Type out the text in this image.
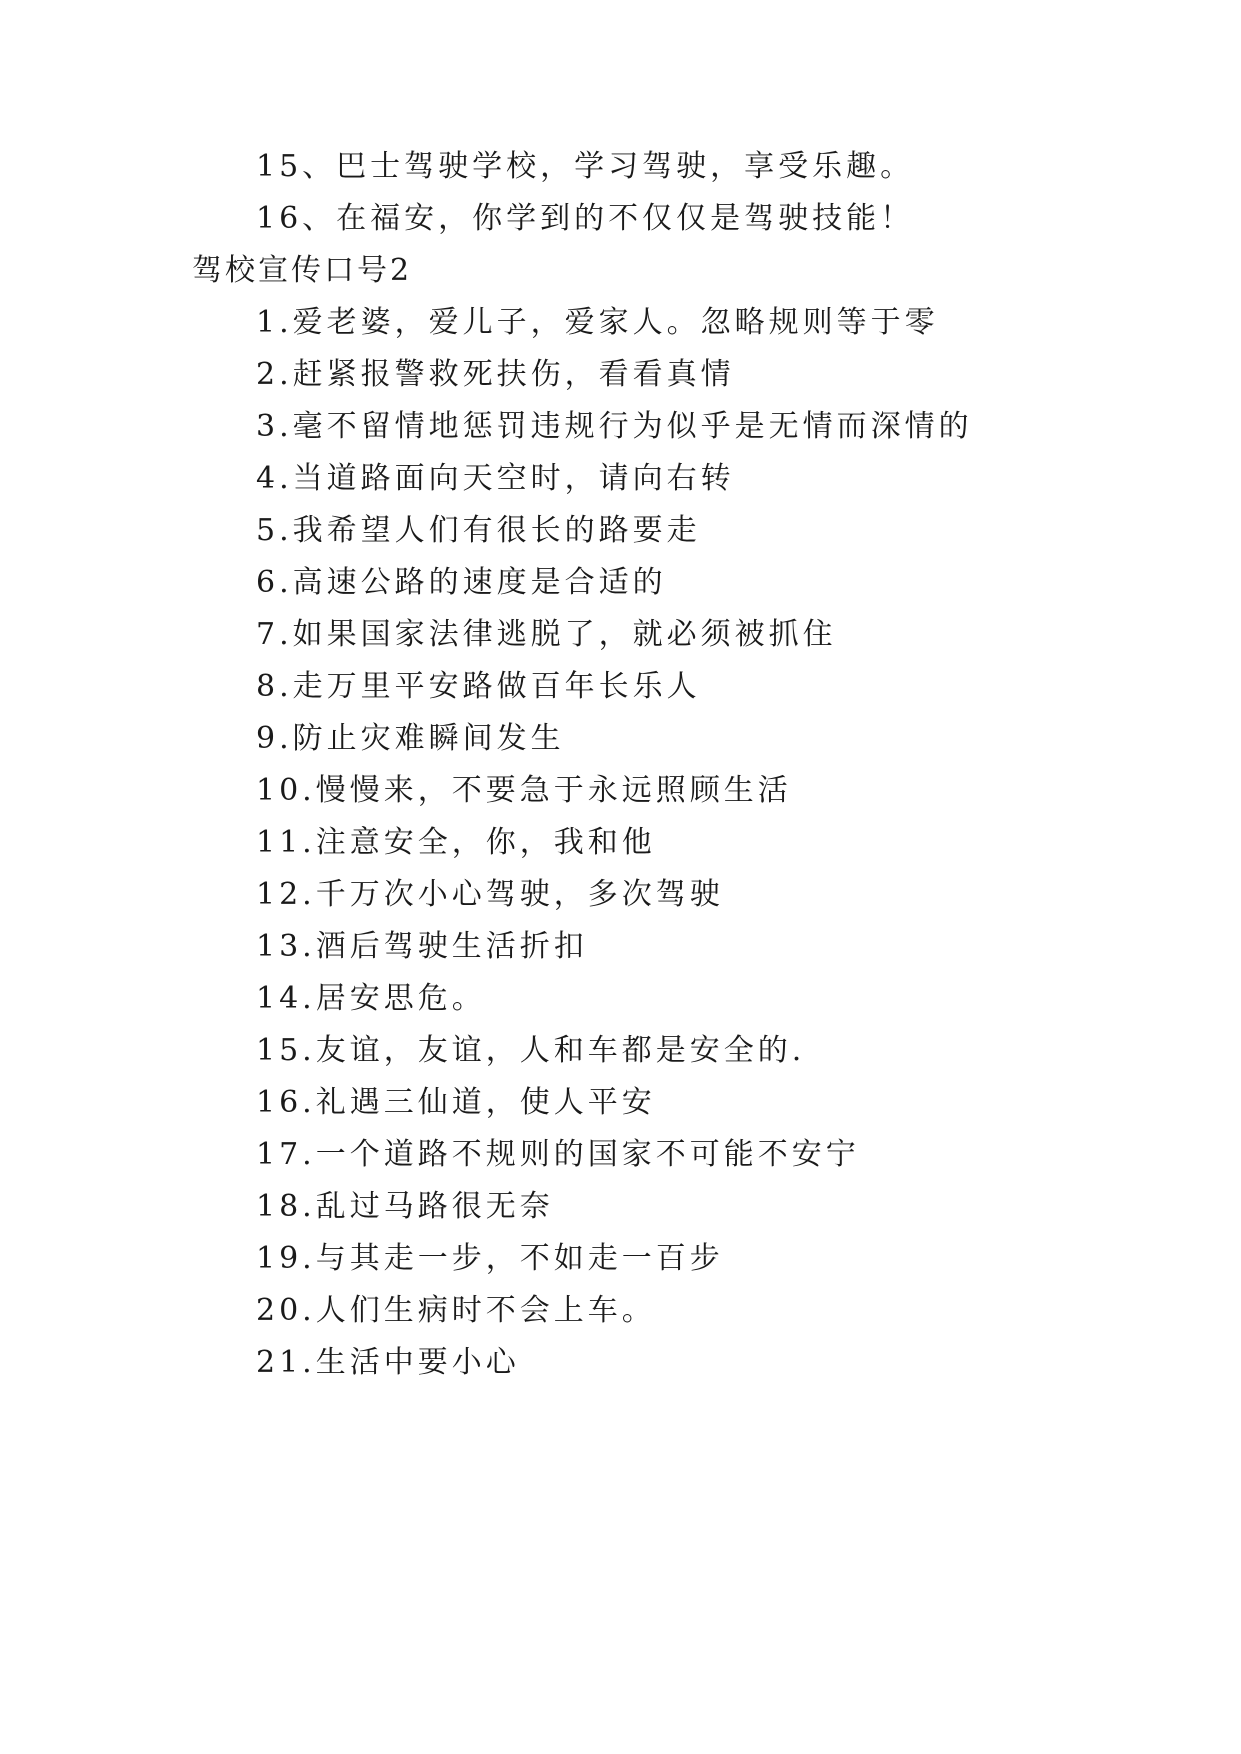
15、巴士驾驶学校，学习驾驶，享受乐趣。
16、在福安，你学到的不仅仅是驾驶技能！
驾校宣传口号2
1.爱老婆，爱儿子，爱家人。忽略规则等于零
2.赶紧报警救死扶伤，看看真情
3.毫不留情地惩罚违规行为似乎是无情而深情的
4.当道路面向天空时，请向右转
5.我希望人们有很长的路要走
6.高速公路的速度是合适的
7.如果国家法律逃脱了，就必须被抓住
8.走万里平安路做百年长乐人
9.防止灾难瞬间发生
10.慢慢来，不要急于永远照顾生活
11.注意安全，你，我和他
12.千万次小心驾驶，多次驾驶
13.酒后驾驶生活折扣
14.居安思危。
15.友谊，友谊，人和车都是安全的.
16.礼遇三仙道，使人平安
17.一个道路不规则的国家不可能不安宁
18.乱过马路很无奈
19.与其走一步，不如走一百步
20.人们生病时不会上车。
21.生活中要小心
